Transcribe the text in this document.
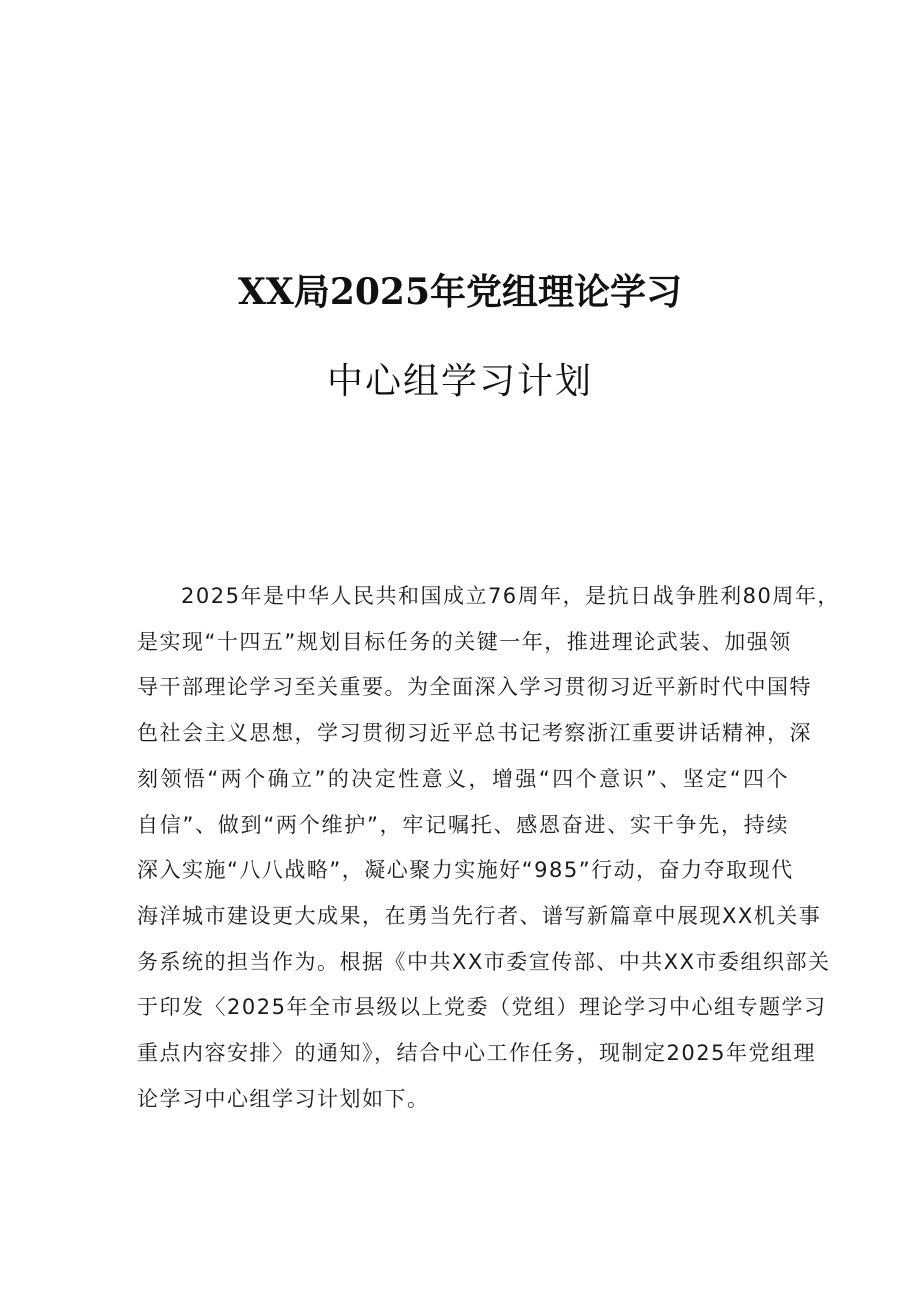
XX局2025年党组理论学习
中心组学习计划

2025年是中华人民共和国成立76周年，是抗日战争胜利80周年，
是实现“十四五”规划目标任务的关键一年，推进理论武装、加强领
导干部理论学习至关重要。为全面深入学习贯彻习近平新时代中国特
色社会主义思想，学习贯彻习近平总书记考察浙江重要讲话精神，深
刻领悟“两个确立”的决定性意义，增强“四个意识”、坚定“四个
自信”、做到“两个维护”，牢记嘱托、感恩奋进、实干争先，持续
深入实施“八八战略”，凝心聚力实施好“985”行动，奋力夺取现代
海洋城市建设更大成果，在勇当先行者、谱写新篇章中展现XX机关事
务系统的担当作为。根据《中共XX市委宣传部、中共XX市委组织部关
于印发〈2025年全市县级以上党委（党组）理论学习中心组专题学习
重点内容安排〉的通知》，结合中心工作任务，现制定2025年党组理
论学习中心组学习计划如下。
